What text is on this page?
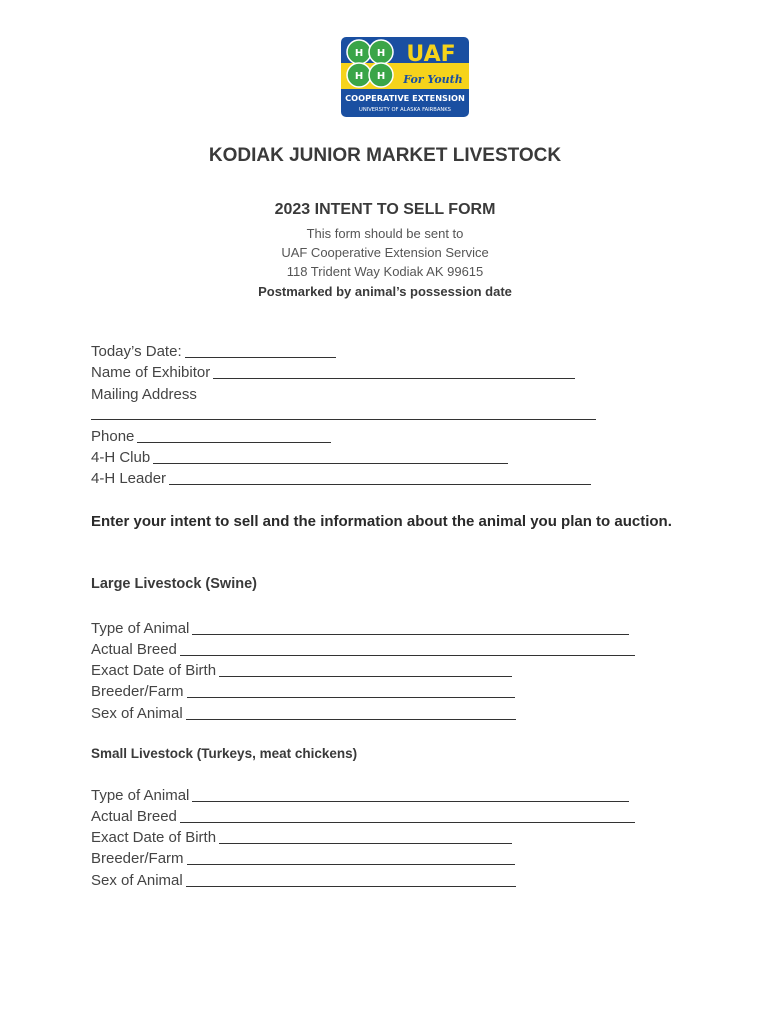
H H
H H
UAF
For Youth
COOPERATIVE EXTENSION
UNIVERSITY OF ALASKA FAIRBANKS
KODIAK JUNIOR MARKET LIVESTOCK
2023 INTENT TO SELL FORM
This form should be sent to
UAF Cooperative Extension Service
118 Trident Way Kodiak AK 99615
Postmarked by animal’s possession date
Today’s Date:
Name of Exhibitor
Mailing Address
Phone
4-H Club
4-H Leader
Enter your intent to sell and the information about the animal you plan to auction.
Large Livestock (Swine)
Type of Animal
Actual Breed
Exact Date of Birth
Breeder/Farm
Sex of Animal
Small Livestock (Turkeys, meat chickens)
Type of Animal
Actual Breed
Exact Date of Birth
Breeder/Farm
Sex of Animal
